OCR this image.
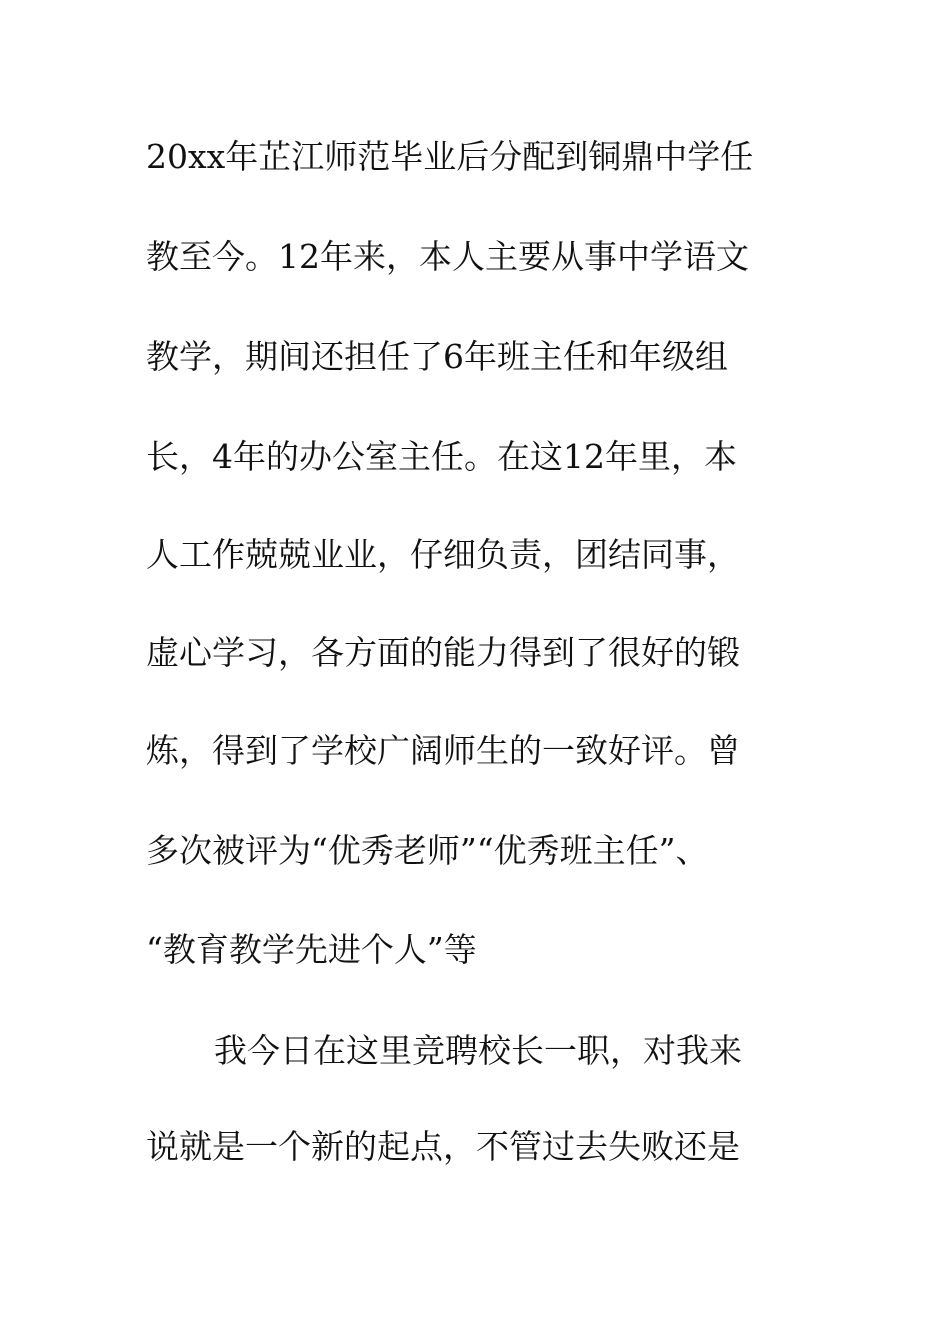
20xx年芷江师范毕业后分配到铜鼎中学任
教至今。12年来，本人主要从事中学语文
教学，期间还担任了6年班主任和年级组
长，4年的办公室主任。在这12年里，本
人工作兢兢业业，仔细负责，团结同事，
虚心学习，各方面的能力得到了很好的锻
炼，得到了学校广阔师生的一致好评。曾
多次被评为“优秀老师”“优秀班主任”、
“教育教学先进个人”等
我今日在这里竞聘校长一职，对我来
说就是一个新的起点，不管过去失败还是
